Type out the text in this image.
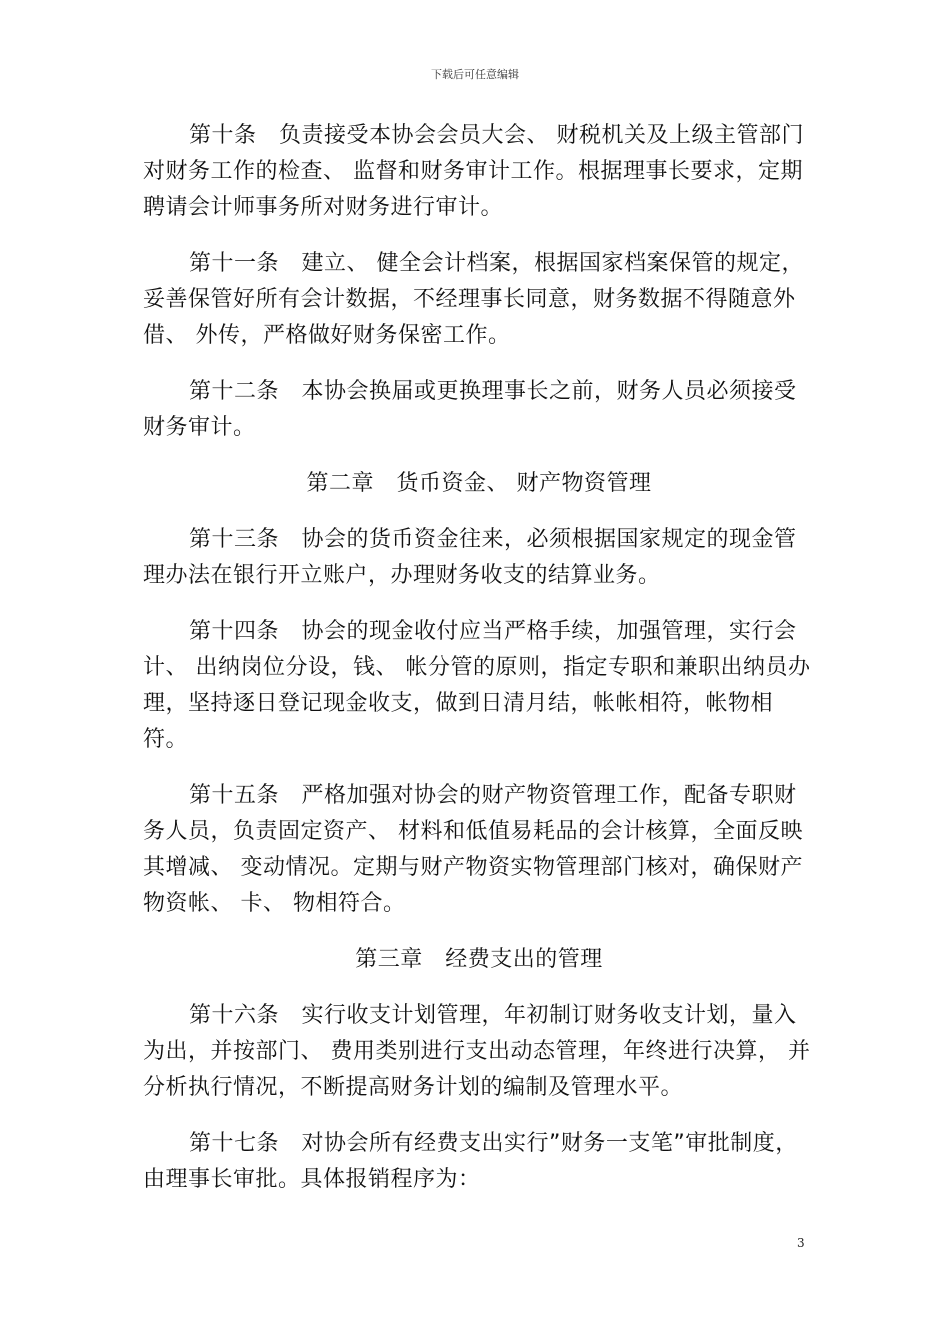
下载后可任意编辑

第十条　负责接受本协会会员大会、 财税机关及上级主管部门对财务工作的检查、 监督和财务审计工作。根据理事长要求，定期聘请会计师事务所对财务进行审计。

第十一条　建立、 健全会计档案，根据国家档案保管的规定， 妥善保管好所有会计数据，不经理事长同意，财务数据不得随意外借、 外传，严格做好财务保密工作。

第十二条　本协会换届或更换理事长之前，财务人员必须接受财务审计。

第二章　货币资金、 财产物资管理

第十三条　协会的货币资金往来，必须根据国家规定的现金管理办法在银行开立账户，办理财务收支的结算业务。

第十四条　协会的现金收付应当严格手续，加强管理，实行会计、 出纳岗位分设，钱、 帐分管的原则，指定专职和兼职出纳员办理，坚持逐日登记现金收支，做到日清月结，帐帐相符，帐物相符。

第十五条　严格加强对协会的财产物资管理工作，配备专职财务人员，负责固定资产、 材料和低值易耗品的会计核算，全面反映其增减、 变动情况。定期与财产物资实物管理部门核对，确保财产物资帐、 卡、 物相符合。

第三章　经费支出的管理

第十六条　实行收支计划管理，年初制订财务收支计划，量入为出，并按部门、 费用类别进行支出动态管理，年终进行决算， 并分析执行情况，不断提高财务计划的编制及管理水平。

第十七条　对协会所有经费支出实行”财务一支笔”审批制度，由理事长审批。具体报销程序为：

3
